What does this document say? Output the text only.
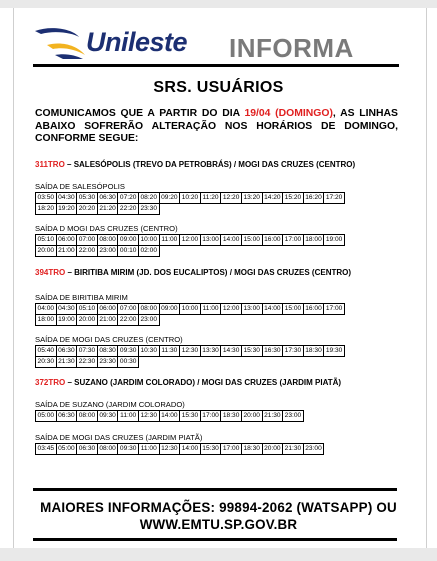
Unileste INFORMA
SRS. USUÁRIOS
COMUNICAMOS QUE A PARTIR DO DIA 19/04 (DOMINGO), AS LINHAS ABAIXO SOFRERÃO ALTERAÇÃO NOS HORÁRIOS DE DOMINGO, CONFORME SEGUE:
311TRO – SALESÓPOLIS (TREVO DA PETROBRÁS) / MOGI DAS CRUZES (CENTRO)
SAÍDA DE SALESÓPOLIS
03:50	04:30	05:30	06:30	07:20	08:20	09:20	10:20	11:20	12:20	13:20	14:20	15:20	16:20	17:20
18:20	19:20	20:20	21:20	22:20	23:30									
SAÍDA D MOGI DAS CRUZES (CENTRO)
05:10	06:00	07:00	08:00	09:00	10:00	11:00	12:00	13:00	14:00	15:00	16:00	17:00	18:00	19:00
20:00	21:00	22:00	23:00	00:10	02:00									
394TRO – BIRITIBA MIRIM (JD. DOS EUCALIPTOS) / MOGI DAS CRUZES (CENTRO)
SAÍDA DE BIRITIBA MIRIM
04:00	04:30	05:10	06:00	07:00	08:00	09:00	10:00	11:00	12:00	13:00	14:00	15:00	16:00	17:00
18:00	19:00	20:00	21:00	22:00	23:00									
SAÍDA DE MOGI DAS CRUZES (CENTRO)
05:40	06:30	07:30	08:30	09:30	10:30	11:30	12:30	13:30	14:30	15:30	16:30	17:30	18:30	19:30
20:30	21:30	22:30	23:30	00:30										
372TRO – SUZANO (JARDIM COLORADO) / MOGI DAS CRUZES (JARDIM PIATÃ)
SAÍDA DE SUZANO (JARDIM COLORADO)
05:00	06:30	08:00	09:30	11:00	12:30	14:00	15:30	17:00	18:30	20:00	21:30	23:00
SAÍDA DE MOGI DAS CRUZES (JARDIM PIATÃ)
03:45	05:00	06:30	08:00	09:30	11:00	12:30	14:00	15:30	17:00	18:30	20:00	21:30	23:00
MAIORES INFORMAÇÕES: 99894-2062 (WATSAPP) OU
WWW.EMTU.SP.GOV.BR
